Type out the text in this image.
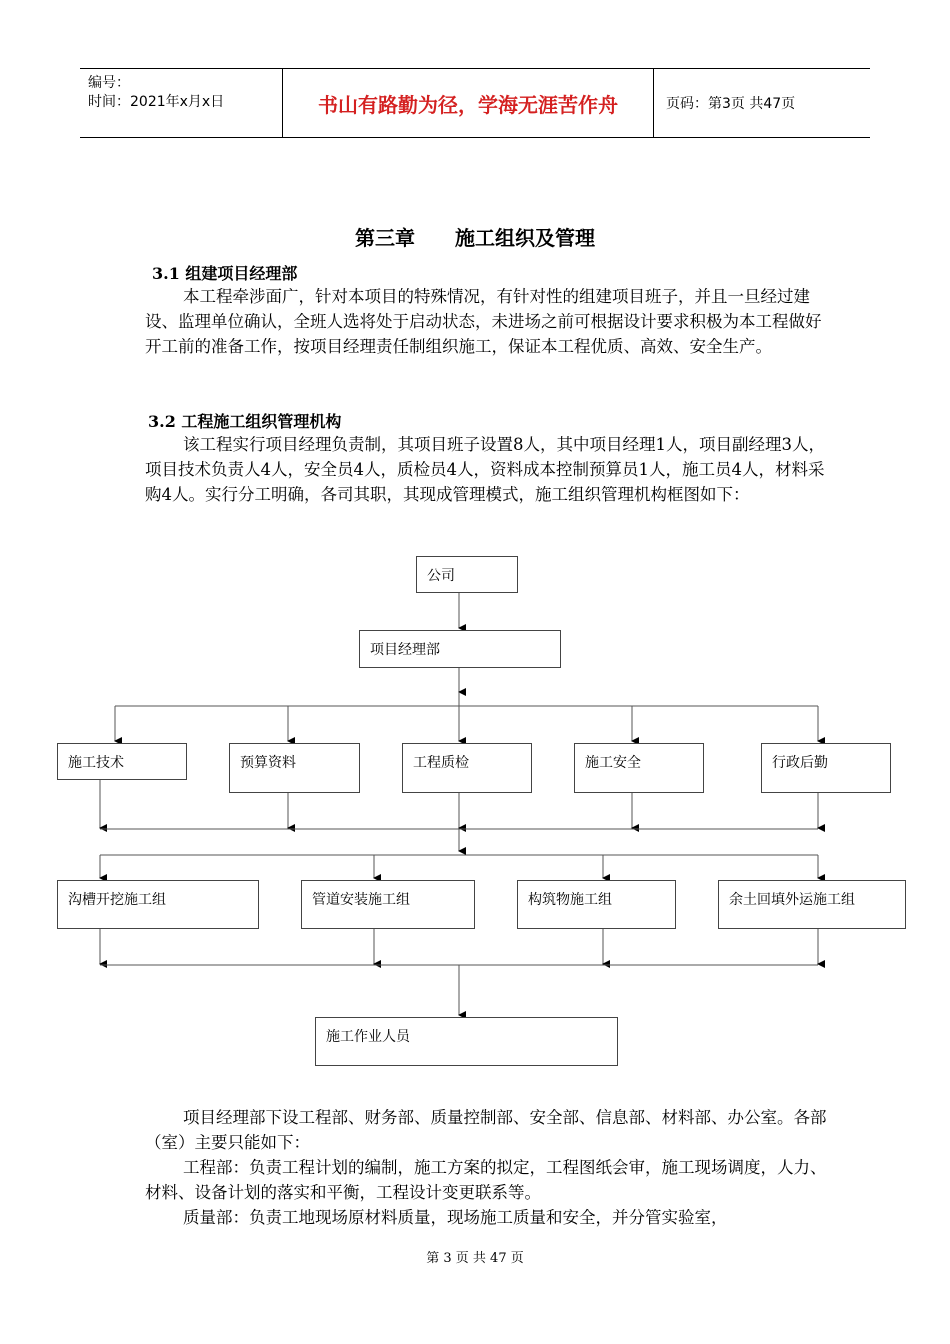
编号：
时间：2021年x月x日	书山有路勤为径，学海无涯苦作舟	页码：第3页 共47页
第三章　　施工组织及管理
3.1 组建项目经理部

本工程牵涉面广，针对本项目的特殊情况，有针对性的组建项目班子，并且一旦经过建设、监理单位确认，全班人选将处于启动状态，未进场之前可根据设计要求积极为本工程做好开工前的准备工作，按项目经理责任制组织施工，保证本工程优质、高效、安全生产。

3.2 工程施工组织管理机构

该工程实行项目经理负责制，其项目班子设置8人，其中项目经理1人，项目副经理3人，项目技术负责人4人，安全员4人，质检员4人，资料成本控制预算员1人，施工员4人，材料采购4人。实行分工明确，各司其职，其现成管理模式，施工组织管理机构框图如下：

公司
项目经理部
施工技术	预算资料	工程质检	施工安全	行政后勤
沟槽开挖施工组	管道安装施工组	构筑物施工组	余土回填外运施工组
施工作业人员

项目经理部下设工程部、财务部、质量控制部、安全部、信息部、材料部、办公室。各部（室）主要只能如下：

工程部：负责工程计划的编制，施工方案的拟定，工程图纸会审，施工现场调度，人力、材料、设备计划的落实和平衡，工程设计变更联系等。

质量部：负责工地现场原材料质量，现场施工质量和安全，并分管实验室，

第 3 页 共 47 页
